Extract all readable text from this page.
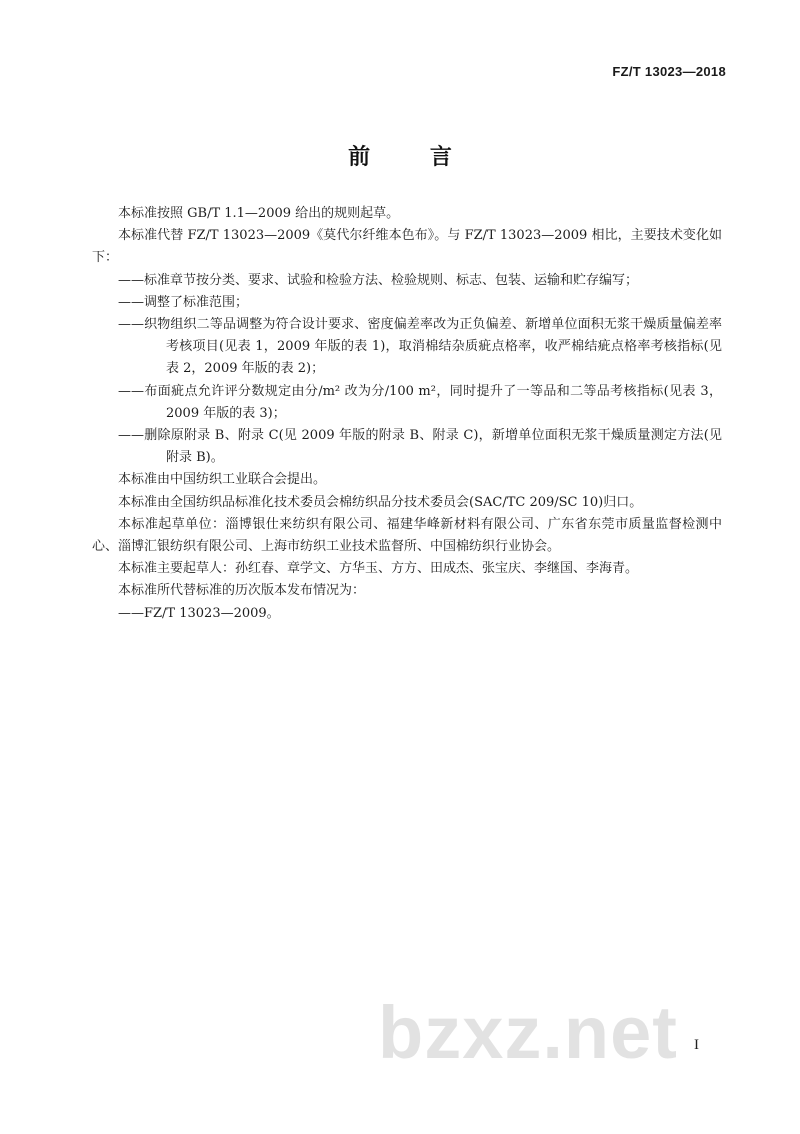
FZ/T 13023—2018
前 言

本标准按照 GB/T 1.1—2009 给出的规则起草。

本标准代替 FZ/T 13023—2009《莫代尔纤维本色布》。与 FZ/T 13023—2009 相比，主要技术变化如下：

——标准章节按分类、要求、试验和检验方法、检验规则、标志、包装、运输和贮存编写；

——调整了标准范围；

——织物组织二等品调整为符合设计要求、密度偏差率改为正负偏差、新增单位面积无浆干燥质量偏差率考核项目(见表 1，2009 年版的表 1)，取消棉结杂质疵点格率，收严棉结疵点格率考核指标(见表 2，2009 年版的表 2)；

——布面疵点允许评分数规定由分/m² 改为分/100 m²，同时提升了一等品和二等品考核指标(见表 3，2009 年版的表 3)；

——删除原附录 B、附录 C(见 2009 年版的附录 B、附录 C)，新增单位面积无浆干燥质量测定方法(见附录 B)。

本标准由中国纺织工业联合会提出。

本标准由全国纺织品标准化技术委员会棉纺织品分技术委员会(SAC/TC 209/SC 10)归口。

本标准起草单位：淄博银仕来纺织有限公司、福建华峰新材料有限公司、广东省东莞市质量监督检测中心、淄博汇银纺织有限公司、上海市纺织工业技术监督所、中国棉纺织行业协会。

本标准主要起草人：孙红春、章学文、方华玉、方方、田成杰、张宝庆、李继国、李海青。

本标准所代替标准的历次版本发布情况为：

——FZ/T 13023—2009。

bzxz.net I
